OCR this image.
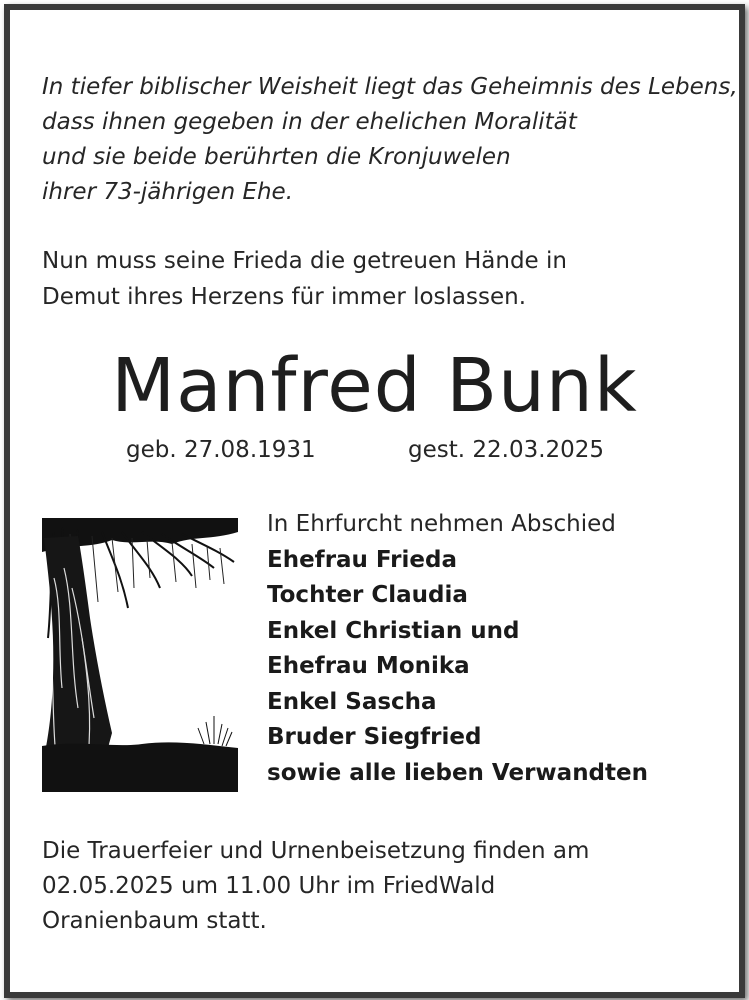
In tiefer biblischer Weisheit liegt das Geheimnis des Lebens,
dass ihnen gegeben in der ehelichen Moralität
und sie beide berührten die Kronjuwelen
ihrer 73-jährigen Ehe.
Nun muss seine Frieda die getreuen Hände in
Demut ihres Herzens für immer loslassen.
Manfred Bunk
geb. 27.08.1931	gest. 22.03.2025
In Ehrfurcht nehmen Abschied
Ehefrau Frieda
Tochter Claudia
Enkel Christian und
Ehefrau Monika
Enkel Sascha
Bruder Siegfried
sowie alle lieben Verwandten
Die Trauerfeier und Urnenbeisetzung finden am
02.05.2025 um 11.00 Uhr im FriedWald
Oranienbaum statt.
